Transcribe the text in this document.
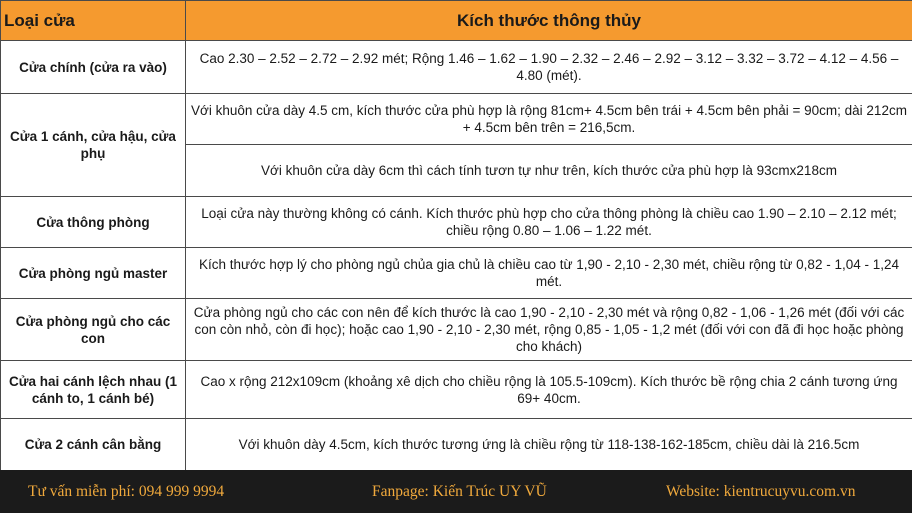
Loại cửa	Kích thước thông thủy
Cửa chính (cửa ra vào)	Cao 2.30 – 2.52 – 2.72 – 2.92 mét; Rộng 1.46 – 1.62 – 1.90 – 2.32 – 2.46 – 2.92 – 3.12 – 3.32 – 3.72 – 4.12 – 4.56 – 4.80 (mét).
Cửa 1 cánh, cửa hậu, cửa phụ	Với khuôn cửa dày 4.5 cm, kích thước cửa phù hợp là rộng 81cm+ 4.5cm bên trái + 4.5cm bên phải = 90cm; dài 212cm + 4.5cm bên trên = 216,5cm.
	Với khuôn cửa dày 6cm thì cách tính tươn tự như trên, kích thước cửa phù hợp là 93cmx218cm
Cửa thông phòng	Loại cửa này thường không có cánh. Kích thước phù hợp cho cửa thông phòng là chiều cao 1.90 – 2.10 – 2.12 mét; chiều rộng 0.80 – 1.06 – 1.22 mét.
Cửa phòng ngủ master	Kích thước hợp lý cho phòng ngủ chủa gia chủ là chiều cao từ 1,90 - 2,10 - 2,30 mét, chiều rộng từ 0,82 - 1,04 - 1,24 mét.
Cửa phòng ngủ cho các con	Cửa phòng ngủ cho các con nên để kích thước là cao 1,90 - 2,10 - 2,30 mét và rộng 0,82 - 1,06 - 1,26 mét (đối với các con còn nhỏ, còn đi học); hoặc cao 1,90 - 2,10 - 2,30 mét, rộng 0,85 - 1,05 - 1,2 mét (đối với con đã đi học hoặc phòng cho khách)
Cửa hai cánh lệch nhau (1 cánh to, 1 cánh bé)	Cao x rộng 212x109cm (khoảng xê dịch cho chiều rộng là 105.5-109cm). Kích thước bề rộng chia 2 cánh tương ứng 69+ 40cm.
Cửa 2 cánh cân bằng	Với khuôn dày 4.5cm, kích thước tương ứng là chiều rộng từ 118-138-162-185cm, chiều dài là 216.5cm
Tư vấn miễn phí: 094 999 9994	Fanpage: Kiến Trúc UY VŨ	Website: kientrucuyvu.com.vn
